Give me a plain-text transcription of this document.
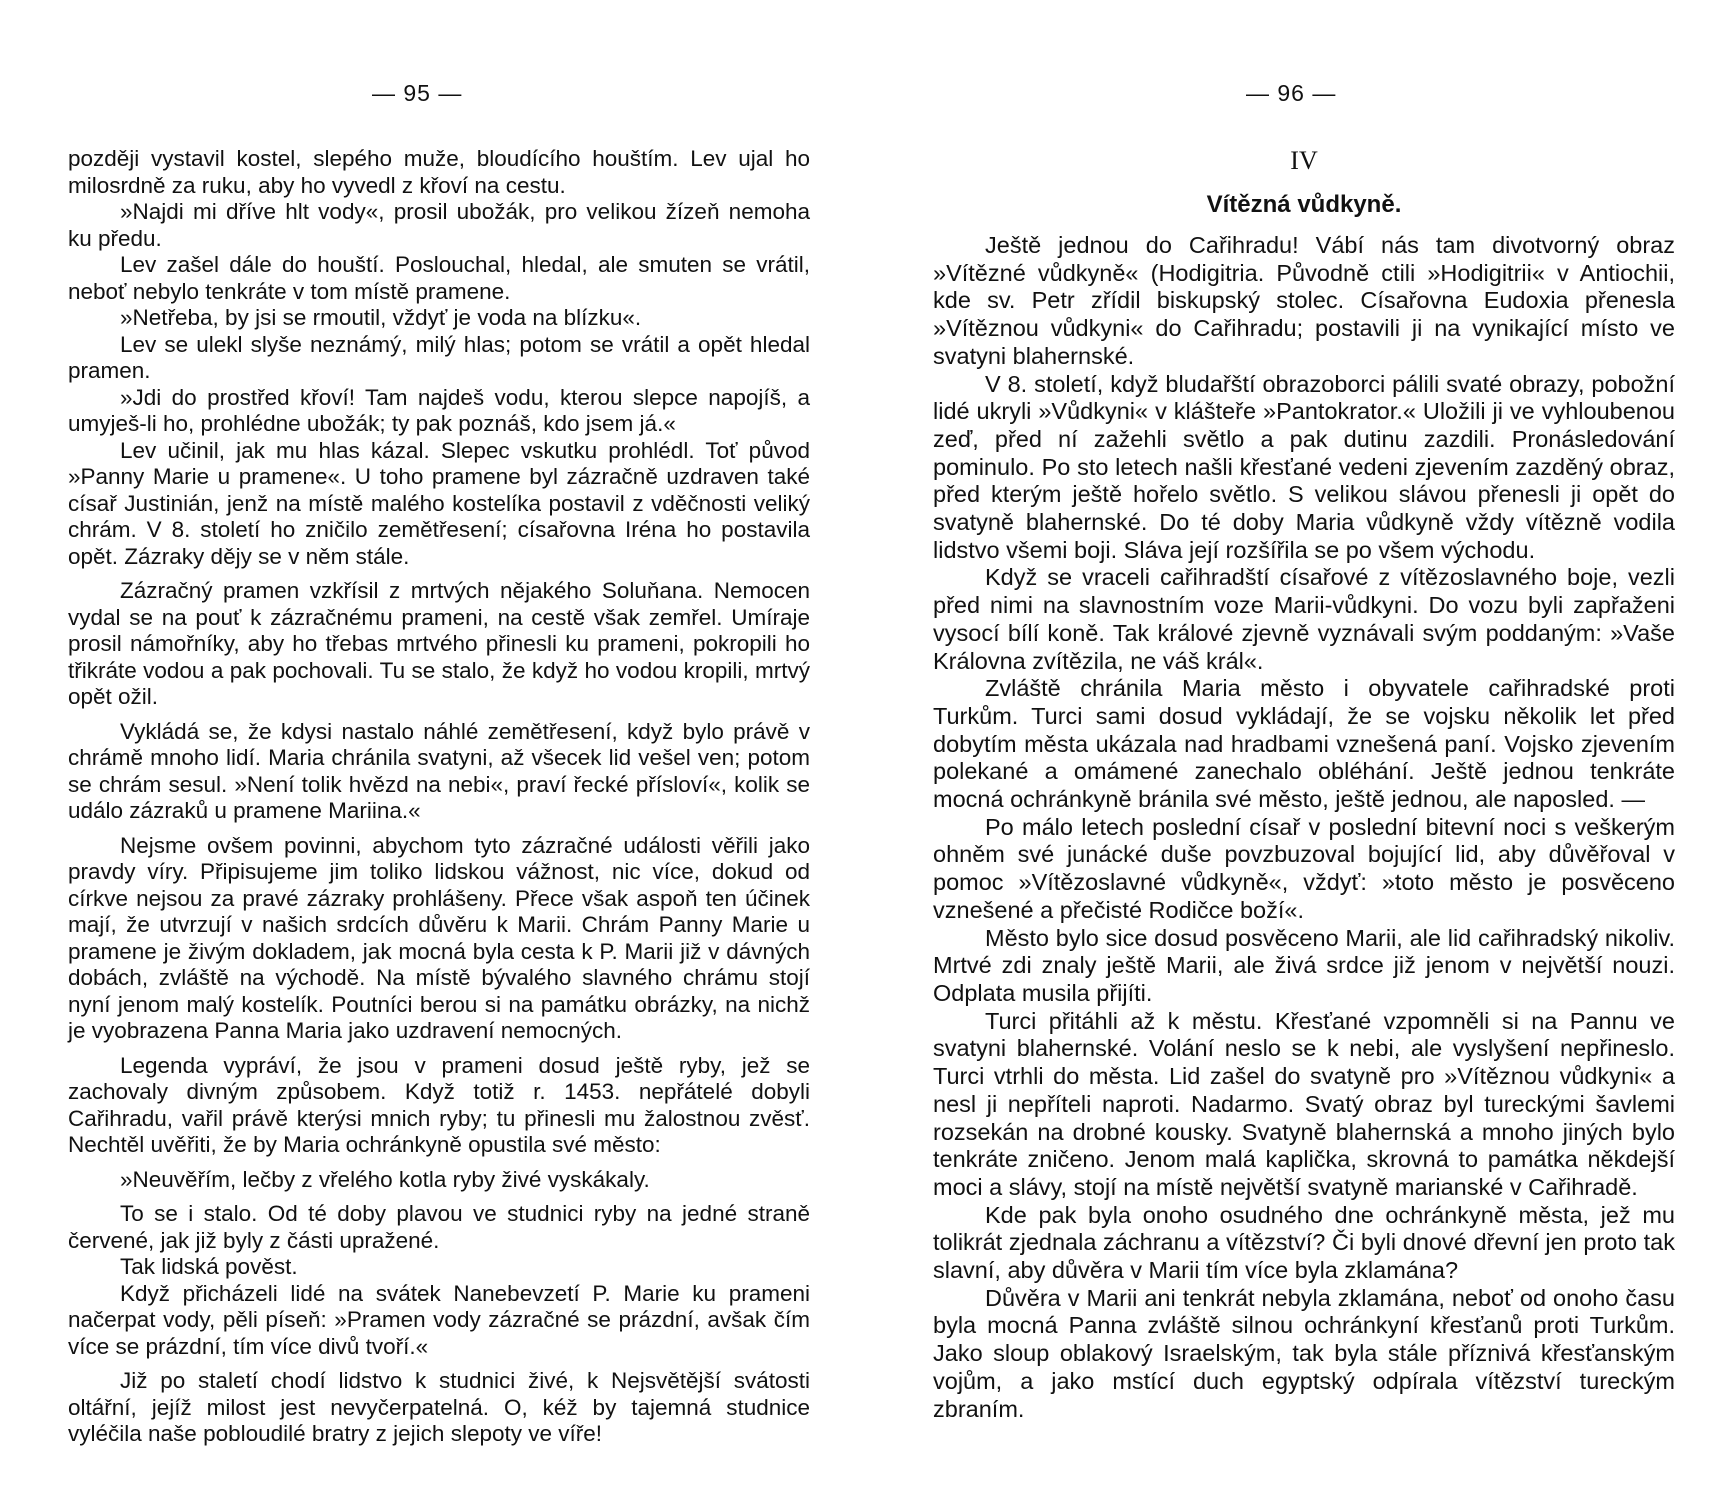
— 95 —

později vystavil kostel, slepého muže, bloudícího houštím. Lev ujal ho milosrdně za ruku, aby ho vyvedl z křoví na cestu.

»Najdi mi dříve hlt vody«, prosil ubožák, pro velikou žízeň nemoha ku předu.

Lev zašel dále do houští. Poslouchal, hledal, ale smuten se vrátil, neboť nebylo tenkráte v tom místě pramene.

»Netřeba, by jsi se rmoutil, vždyť je voda na blízku«.

Lev se ulekl slyše neznámý, milý hlas; potom se vrátil a opět hledal pramen.

»Jdi do prostřed křoví! Tam najdeš vodu, kterou slepce napojíš, a umyješ-li ho, prohlédne ubožák; ty pak poznáš, kdo jsem já.«

Lev učinil, jak mu hlas kázal. Slepec vskutku prohlédl. Toť původ »Panny Marie u pramene«. U toho pramene byl zázračně uzdraven také císař Justinián, jenž na místě malého kostelíka postavil z vděčnosti veliký chrám. V 8. století ho zničilo zemětřesení; císařovna Iréna ho postavila opět. Zázraky dějy se v něm stále.

Zázračný pramen vzkřísil z mrtvých nějakého Soluňana. Nemocen vydal se na pouť k zázračnému prameni, na cestě však zemřel. Umíraje prosil námořníky, aby ho třebas mrtvého přinesli ku prameni, pokropili ho třikráte vodou a pak pochovali. Tu se stalo, že když ho vodou kropili, mrtvý opět ožil.

Vykládá se, že kdysi nastalo náhlé zemětřesení, když bylo právě v chrámě mnoho lidí. Maria chránila svatyni, až všecek lid vešel ven; potom se chrám sesul. »Není tolik hvězd na nebi«, praví řecké přísloví«, kolik se událo zázraků u pramene Mariina.«

Nejsme ovšem povinni, abychom tyto zázračné události věřili jako pravdy víry. Připisujeme jim toliko lidskou vážnost, nic více, dokud od církve nejsou za pravé zázraky prohlášeny. Přece však aspoň ten účinek mají, že utvrzují v našich srdcích důvěru k Marii. Chrám Panny Marie u pramene je živým dokladem, jak mocná byla cesta k P. Marii již v dávných dobách, zvláště na východě. Na místě bývalého slavného chrámu stojí nyní jenom malý kostelík. Poutníci berou si na památku obrázky, na nichž je vyobrazena Panna Maria jako uzdravení nemocných.

Legenda vypráví, že jsou v prameni dosud ještě ryby, jež se zachovaly divným způsobem. Když totiž r. 1453. nepřátelé dobyli Cařihradu, vařil právě kterýsi mnich ryby; tu přinesli mu žalostnou zvěsť. Nechtěl uvěřiti, že by Maria ochránkyně opustila své město:

»Neuvěřím, lečby z vřelého kotla ryby živé vyskákaly.

To se i stalo. Od té doby plavou ve studnici ryby na jedné straně červené, jak již byly z části upražené.

Tak lidská pověst.

Když přicházeli lidé na svátek Nanebevzetí P. Marie ku prameni načerpat vody, pěli píseň: »Pramen vody zázračné se prázdní, avšak čím více se prázdní, tím více divů tvoří.«

Již po staletí chodí lidstvo k studnici živé, k Nejsvětější svátosti oltářní, jejíž milost jest nevyčerpatelná. O, kéž by tajemná studnice vyléčila naše pobloudilé bratry z jejich slepoty ve víře!

— 96 —

IV

Vítězná vůdkyně.

Ještě jednou do Cařihradu! Vábí nás tam divotvorný obraz »Vítězné vůdkyně« (Hodigitria. Původně ctili »Hodigitrii« v Antiochii, kde sv. Petr zřídil biskupský stolec. Císařovna Eudoxia přenesla »Vítěznou vůdkyni« do Cařihradu; postavili ji na vynikající místo ve svatyni blahernské.

V 8. století, když bludařští obrazoborci pálili svaté obrazy, pobožní lidé ukryli »Vůdkyni« v klášteře »Pantokrator.« Uložili ji ve vyhloubenou zeď, před ní zažehli světlo a pak dutinu zazdili. Pronásledování pominulo. Po sto letech našli křesťané vedeni zjevením zazděný obraz, před kterým ještě hořelo světlo. S velikou slávou přenesli ji opět do svatyně blahernské. Do té doby Maria vůdkyně vždy vítězně vodila lidstvo všemi boji. Sláva její rozšířila se po všem východu.

Když se vraceli cařihradští císařové z vítězoslavného boje, vezli před nimi na slavnostním voze Marii-vůdkyni. Do vozu byli zapřaženi vysocí bílí koně. Tak králové zjevně vyznávali svým poddaným: »Vaše Královna zvítězila, ne váš král«.

Zvláště chránila Maria město i obyvatele cařihradské proti Turkům. Turci sami dosud vykládají, že se vojsku několik let před dobytím města ukázala nad hradbami vznešená paní. Vojsko zjevením polekané a omámené zanechalo obléhání. Ještě jednou tenkráte mocná ochránkyně bránila své město, ještě jednou, ale naposled. —

Po málo letech poslední císař v poslední bitevní noci s veškerým ohněm své junácké duše povzbuzoval bojující lid, aby důvěřoval v pomoc »Vítězoslavné vůdkyně«, vždyť: »toto město je posvěceno vznešené a přečisté Rodičce boží«.

Město bylo sice dosud posvěceno Marii, ale lid cařihradský nikoliv. Mrtvé zdi znaly ještě Marii, ale živá srdce již jenom v největší nouzi. Odplata musila přijíti.

Turci přitáhli až k městu. Křesťané vzpomněli si na Pannu ve svatyni blahernské. Volání neslo se k nebi, ale vyslyšení nepřineslo. Turci vtrhli do města. Lid zašel do svatyně pro »Vítěznou vůdkyni« a nesl ji nepříteli naproti. Nadarmo. Svatý obraz byl tureckými šavlemi rozsekán na drobné kousky. Svatyně blahernská a mnoho jiných bylo tenkráte zničeno. Jenom malá kaplička, skrovná to památka někdejší moci a slávy, stojí na místě největší svatyně marianské v Cařihradě.

Kde pak byla onoho osudného dne ochránkyně města, jež mu tolikrát zjednala záchranu a vítězství? Či byli dnové dřevní jen proto tak slavní, aby důvěra v Marii tím více byla zklamána?

Důvěra v Marii ani tenkrát nebyla zklamána, neboť od onoho času byla mocná Panna zvláště silnou ochránkyní křesťanů proti Turkům. Jako sloup oblakový Israelským, tak byla stále příznivá křesťanským vojům, a jako mstící duch egyptský odpírala vítězství tureckým zbraním.
